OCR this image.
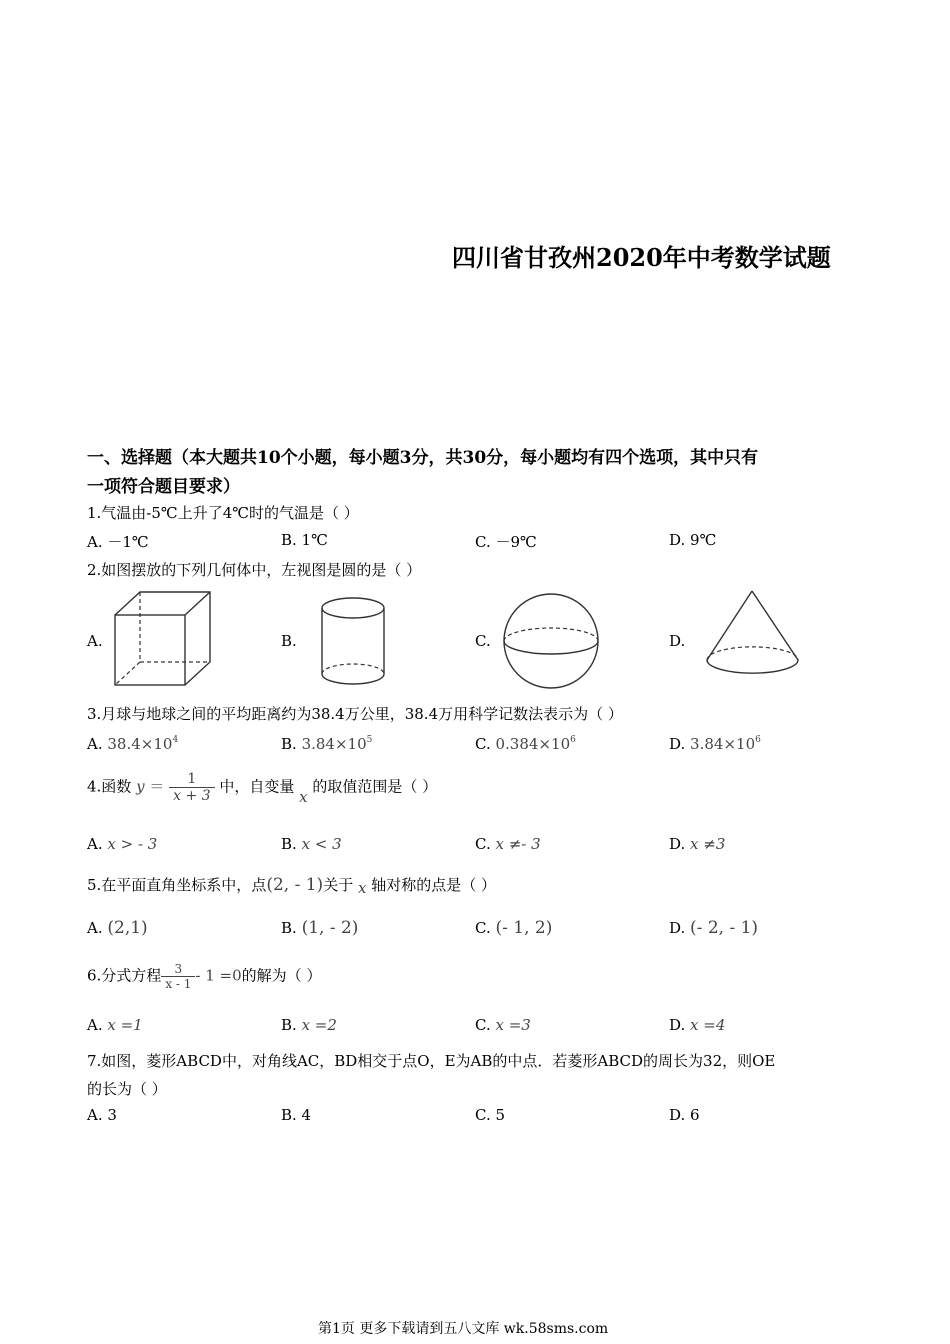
四川省甘孜州2020年中考数学试题
一、选择题（本大题共10个小题，每小题3分，共30分，每小题均有四个选项，其中只有
一项符合题目要求）
1.气温由-5℃上升了4℃时的气温是（ ）
A. －1℃	B. 1℃	C. －9℃	D. 9℃
2.如图摆放的下列几何体中，左视图是圆的是（ ）
A.	B.	C.	D.
3.月球与地球之间的平均距离约为38.4万公里，38.4万用科学记数法表示为（ ）
A. $38.4\times 10^4$	B. $3.84\times 10^5$	C. $0.384\times 10^6$	D. $3.84\times 10^6$
4.函数 $y = \frac{1}{x + 3}$ 中，自变量 x 的取值范围是（ ）
A. x > - 3	B. x < 3	C. x ≠- 3	D. x ≠3
5.在平面直角坐标系中，点(2, - 1)关于 x 轴对称的点是（ ）
A. (2,1)	B. (1, - 2)	C. (- 1, 2)	D. (- 2, - 1)
6.分式方程 $\frac{3}{x - 1} - 1 =0$的解为（ ）
A. x =1	B. x =2	C. x =3	D. x =4
7.如图，菱形ABCD中，对角线AC，BD相交于点O，E为AB的中点．若菱形ABCD的周长为32，则OE
的长为（ ）
A. 3	B. 4	C. 5	D. 6
第1页 更多下载请到五八文库 wk.58sms.com
